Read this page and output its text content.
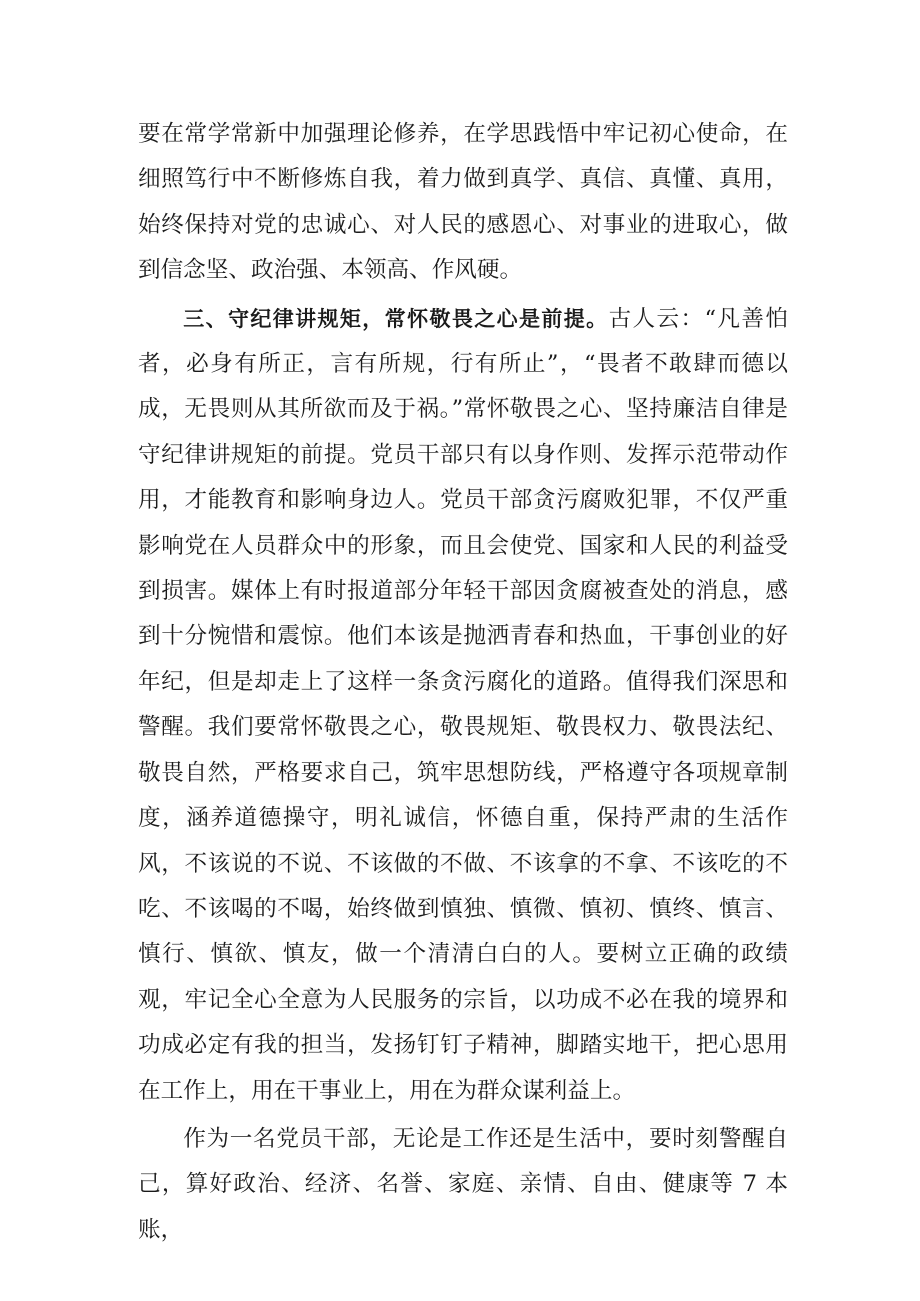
要在常学常新中加强理论修养，在学思践悟中牢记初心使命，在细照笃行中不断修炼自我，着力做到真学、真信、真懂、真用，始终保持对党的忠诚心、对人民的感恩心、对事业的进取心，做到信念坚、政治强、本领高、作风硬。

三、守纪律讲规矩，常怀敬畏之心是前提。古人云：“凡善怕者，必身有所正，言有所规，行有所止”，“畏者不敢肆而德以成，无畏则从其所欲而及于祸。”常怀敬畏之心、坚持廉洁自律是守纪律讲规矩的前提。党员干部只有以身作则、发挥示范带动作用，才能教育和影响身边人。党员干部贪污腐败犯罪，不仅严重影响党在人员群众中的形象，而且会使党、国家和人民的利益受到损害。媒体上有时报道部分年轻干部因贪腐被查处的消息，感到十分惋惜和震惊。他们本该是抛洒青春和热血，干事创业的好年纪，但是却走上了这样一条贪污腐化的道路。值得我们深思和警醒。我们要常怀敬畏之心，敬畏规矩、敬畏权力、敬畏法纪、敬畏自然，严格要求自己，筑牢思想防线，严格遵守各项规章制度，涵养道德操守，明礼诚信，怀德自重，保持严肃的生活作风，不该说的不说、不该做的不做、不该拿的不拿、不该吃的不吃、不该喝的不喝，始终做到慎独、慎微、慎初、慎终、慎言、慎行、慎欲、慎友，做一个清清白白的人。要树立正确的政绩观，牢记全心全意为人民服务的宗旨，以功成不必在我的境界和功成必定有我的担当，发扬钉钉子精神，脚踏实地干，把心思用在工作上，用在干事业上，用在为群众谋利益上。

作为一名党员干部，无论是工作还是生活中，要时刻警醒自己，算好政治、经济、名誉、家庭、亲情、自由、健康等 7 本账，
